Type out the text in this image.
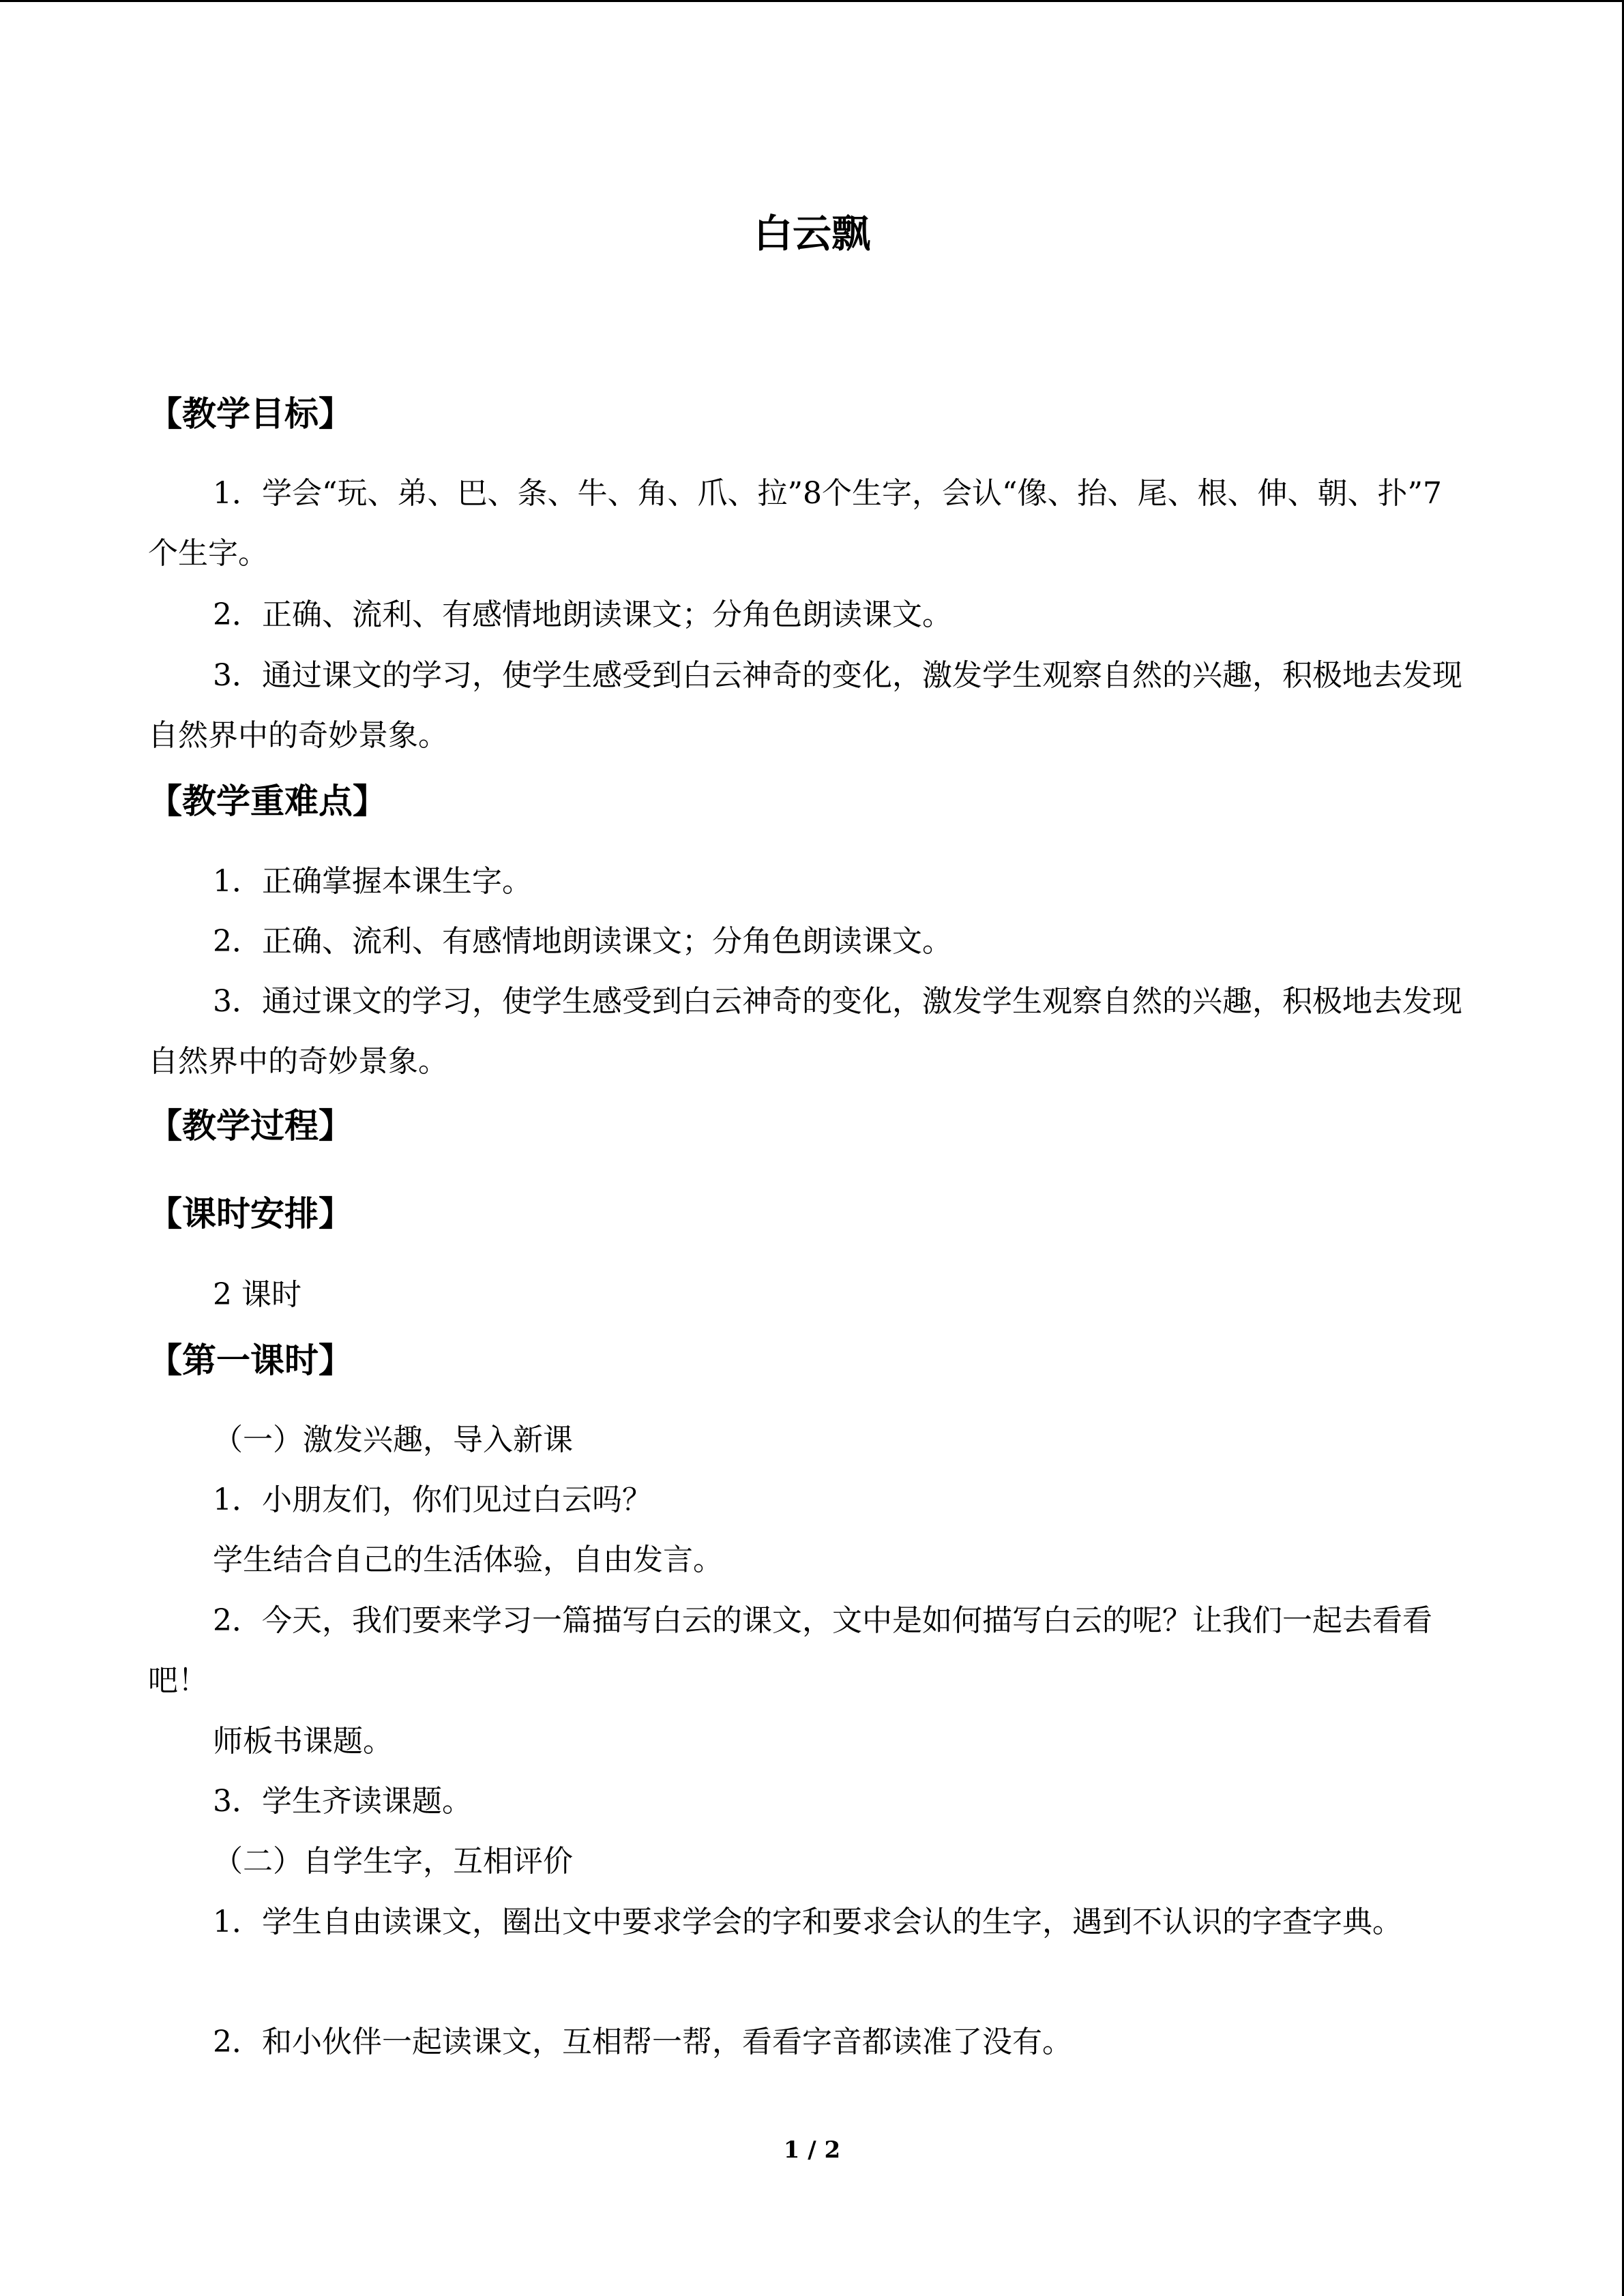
白云飘
【教学目标】
1．学会“玩、弟、巴、条、牛、角、爪、拉”8个生字，会认“像、抬、尾、根、伸、朝、扑”7个生字。
2．正确、流利、有感情地朗读课文；分角色朗读课文。
3．通过课文的学习，使学生感受到白云神奇的变化，激发学生观察自然的兴趣，积极地去发现自然界中的奇妙景象。
【教学重难点】
1．正确掌握本课生字。
2．正确、流利、有感情地朗读课文；分角色朗读课文。
3．通过课文的学习，使学生感受到白云神奇的变化，激发学生观察自然的兴趣，积极地去发现自然界中的奇妙景象。
【教学过程】
【课时安排】
2 课时
【第一课时】
（一）激发兴趣，导入新课
1．小朋友们，你们见过白云吗？
学生结合自己的生活体验，自由发言。
2．今天，我们要来学习一篇描写白云的课文，文中是如何描写白云的呢？让我们一起去看看吧！
师板书课题。
3．学生齐读课题。
（二）自学生字，互相评价
1．学生自由读课文，圈出文中要求学会的字和要求会认的生字，遇到不认识的字查字典。
2．和小伙伴一起读课文，互相帮一帮，看看字音都读准了没有。
1 / 2
